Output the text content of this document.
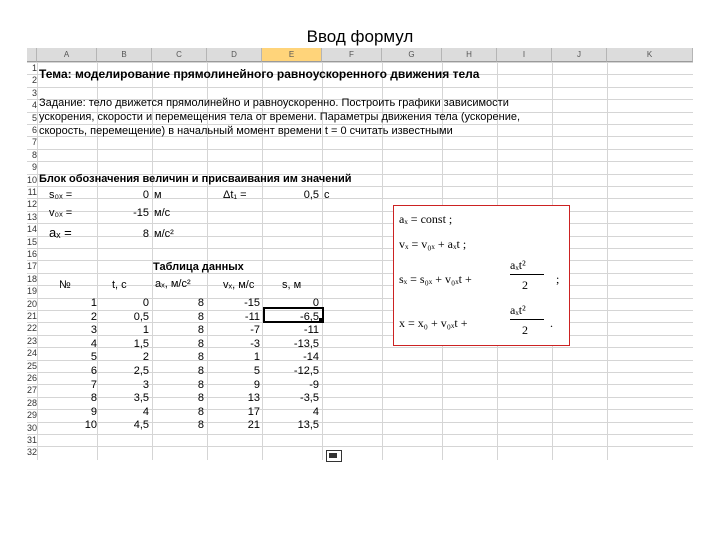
Ввод формул
A	B	C	D	E	F	G	H	I	J	K
1
2
3
4
5
6
7
8
9
10
11
12
13
14
15
16
17
18
19
20
21
22
23
24
25
26
27
28
29
30
31
32
Тема: моделирование прямолинейного равноускоренного движения тела
Задание: тело движется прямолинейно и равноускоренно. Построить графики зависимости
ускорения, скорости и перемещения тела от времени. Параметры движения тела (ускорение,
скорость, перемещение) в начальный момент времени t = 0 считать известными
Блок обозначения величин и присваивания им значений
s₀ₓ =	0 м
v₀ₓ =	-15 м/с
aₓ =	8 м/с²
Δt₁ =	0,5 с
Таблица данных
№	t, с	aₓ, м/с²	vₓ, м/с	s, м
1	0	8	-15	0
2	0,5	8	-11	-6,5
3	1	8	-7	-11
4	1,5	8	-3	-13,5
5	2	8	1	-14
6	2,5	8	5	-12,5
7	3	8	9	-9
8	3,5	8	13	-3,5
9	4	8	17	4
10	4,5	8	21	13,5
aₓ = const ;
vₓ = v₀ₓ + aₓt ;
sₓ = s₀ₓ + v₀ₓt +
aₓt²
2 ;
x = x₀ + v₀ₓt +
aₓt²
2 .
